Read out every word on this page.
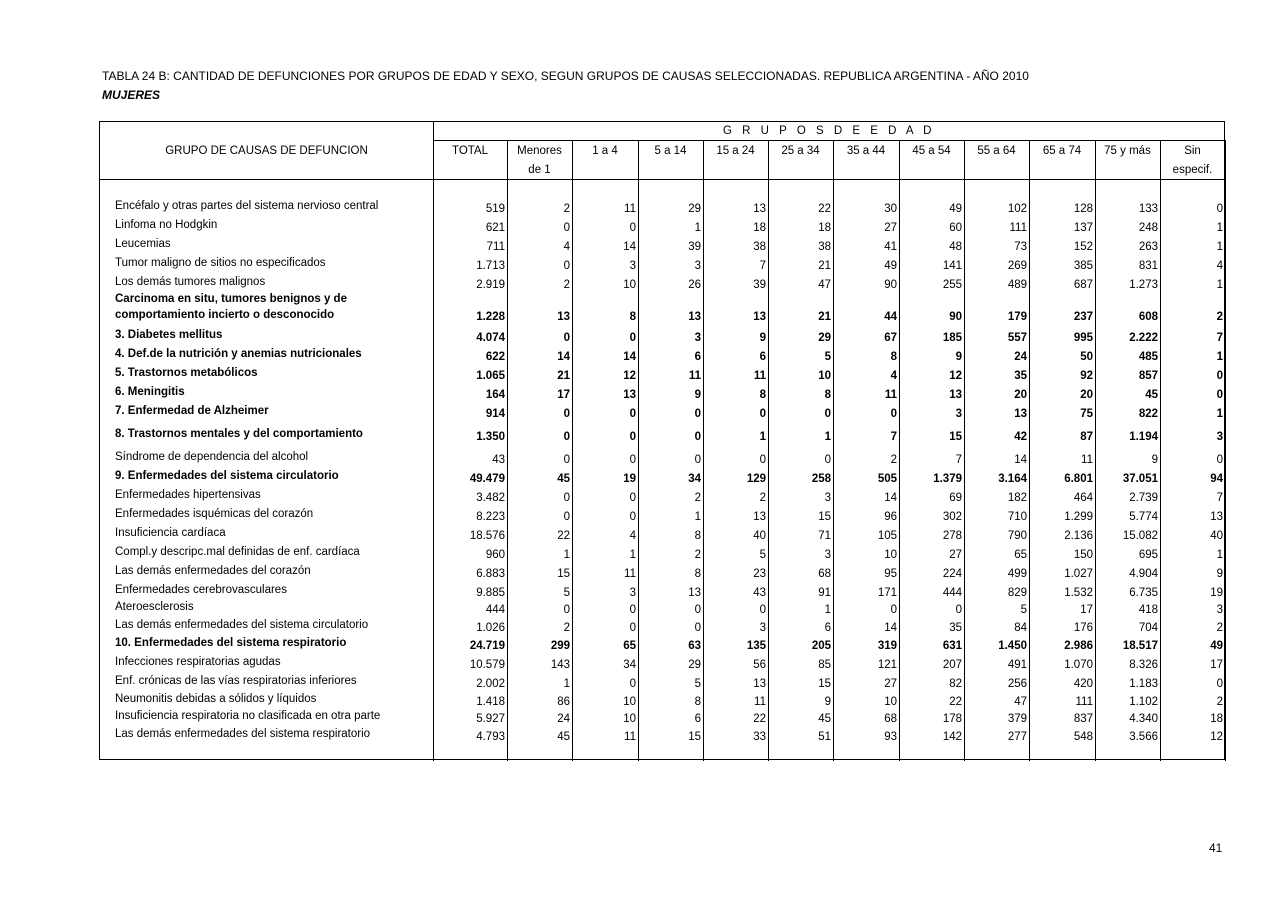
TABLA 24 B: CANTIDAD DE DEFUNCIONES POR GRUPOS DE EDAD Y SEXO, SEGUN GRUPOS DE CAUSAS SELECCIONADAS. REPUBLICA ARGENTINA - AÑO 2010
MUJERES
G R U P O S D E E D A D
GRUPO DE CAUSAS DE DEFUNCION	TOTAL	Menores
de 1
1 a 4	5 a 14	15 a 24	25 a 34	35 a 44	45 a 54	55 a 64	65 a 74	75 y más	Sin
especif.
Encéfalo y otras partes del sistema nervioso central	519	2	11	29	13	22	30	49	102	128	133	0
Linfoma no Hodgkin	621	0	0	1	18	18	27	60	111	137	248	1
Leucemias	711	4	14	39	38	38	41	48	73	152	263	1
Tumor maligno de sitios no especificados	1.713	0	3	3	7	21	49	141	269	385	831	4
Los demás tumores malignos	2.919	2	10	26	39	47	90	255	489	687	1.273	1
Carcinoma en situ, tumores benignos y de
comportamiento incierto o desconocido	1.228	13	8	13	13	21	44	90	179	237	608	2
3. Diabetes mellitus	4.074	0	0	3	9	29	67	185	557	995	2.222	7
4. Def.de la nutrición y anemias nutricionales	622	14	14	6	6	5	8	9	24	50	485	1
5. Trastornos metabólicos	1.065	21	12	11	11	10	4	12	35	92	857	0
6. Meningitis	164	17	13	9	8	8	11	13	20	20	45	0
7. Enfermedad de Alzheimer	914	0	0	0	0	0	0	3	13	75	822	1
8. Trastornos mentales y del comportamiento	1.350	0	0	0	1	1	7	15	42	87	1.194	3
Síndrome de dependencia del alcohol	43	0	0	0	0	0	2	7	14	11	9	0
9. Enfermedades del sistema circulatorio	49.479	45	19	34	129	258	505	1.379	3.164	6.801	37.051	94
Enfermedades hipertensivas	3.482	0	0	2	2	3	14	69	182	464	2.739	7
Enfermedades isquémicas del corazón	8.223	0	0	1	13	15	96	302	710	1.299	5.774	13
Insuficiencia cardíaca	18.576	22	4	8	40	71	105	278	790	2.136	15.082	40
Compl.y descripc.mal definidas de enf. cardíaca	960	1	1	2	5	3	10	27	65	150	695	1
Las demás enfermedades del corazón	6.883	15	11	8	23	68	95	224	499	1.027	4.904	9
Enfermedades cerebrovasculares	9.885	5	3	13	43	91	171	444	829	1.532	6.735	19
Ateroesclerosis	444	0	0	0	0	1	0	0	5	17	418	3
Las demás enfermedades del sistema circulatorio	1.026	2	0	0	3	6	14	35	84	176	704	2
10. Enfermedades del sistema respiratorio	24.719	299	65	63	135	205	319	631	1.450	2.986	18.517	49
Infecciones respiratorias agudas	10.579	143	34	29	56	85	121	207	491	1.070	8.326	17
Enf. crónicas de las vías respiratorias inferiores	2.002	1	0	5	13	15	27	82	256	420	1.183	0
Neumonitis debidas a sólidos y líquidos	1.418	86	10	8	11	9	10	22	47	111	1.102	2
Insuficiencia respiratoria no clasificada en otra parte	5.927	24	10	6	22	45	68	178	379	837	4.340	18
Las demás enfermedades del sistema respiratorio	4.793	45	11	15	33	51	93	142	277	548	3.566	12
41
